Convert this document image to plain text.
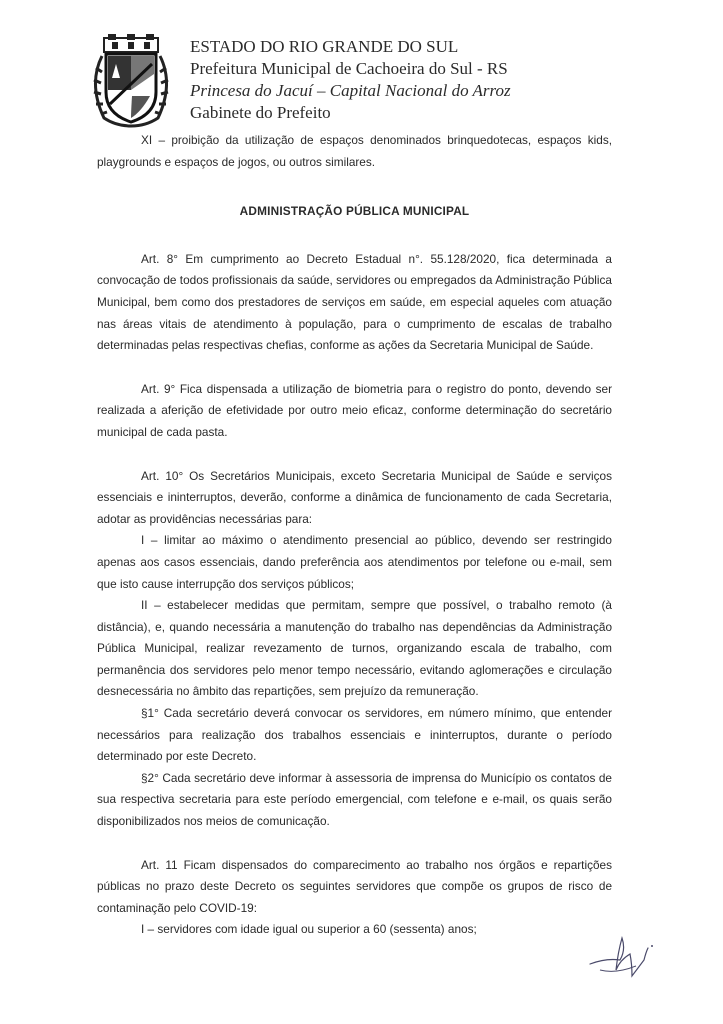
ESTADO DO RIO GRANDE DO SUL
Prefeitura Municipal de Cachoeira do Sul - RS
Princesa do Jacuí – Capital Nacional do Arroz
Gabinete do Prefeito

XI – proibição da utilização de espaços denominados brinquedotecas, espaços kids, playgrounds e espaços de jogos, ou outros similares.

ADMINISTRAÇÃO PÚBLICA MUNICIPAL

Art. 8° Em cumprimento ao Decreto Estadual n°. 55.128/2020, fica determinada a convocação de todos profissionais da saúde, servidores ou empregados da Administração Pública Municipal, bem como dos prestadores de serviços em saúde, em especial aqueles com atuação nas áreas vitais de atendimento à população, para o cumprimento de escalas de trabalho determinadas pelas respectivas chefias, conforme as ações da Secretaria Municipal de Saúde.

Art. 9° Fica dispensada a utilização de biometria para o registro do ponto, devendo ser realizada a aferição de efetividade por outro meio eficaz, conforme determinação do secretário municipal de cada pasta.

Art. 10° Os Secretários Municipais, exceto Secretaria Municipal de Saúde e serviços essenciais e ininterruptos, deverão, conforme a dinâmica de funcionamento de cada Secretaria, adotar as providências necessárias para:

I – limitar ao máximo o atendimento presencial ao público, devendo ser restringido apenas aos casos essenciais, dando preferência aos atendimentos por telefone ou e-mail, sem que isto cause interrupção dos serviços públicos;

II – estabelecer medidas que permitam, sempre que possível, o trabalho remoto (à distância), e, quando necessária a manutenção do trabalho nas dependências da Administração Pública Municipal, realizar revezamento de turnos, organizando escala de trabalho, com permanência dos servidores pelo menor tempo necessário, evitando aglomerações e circulação desnecessária no âmbito das repartições, sem prejuízo da remuneração.

§1° Cada secretário deverá convocar os servidores, em número mínimo, que entender necessários para realização dos trabalhos essenciais e ininterruptos, durante o período determinado por este Decreto.

§2° Cada secretário deve informar à assessoria de imprensa do Município os contatos de sua respectiva secretaria para este período emergencial, com telefone e e-mail, os quais serão disponibilizados nos meios de comunicação.

Art. 11 Ficam dispensados do comparecimento ao trabalho nos órgãos e repartições públicas no prazo deste Decreto os seguintes servidores que compõe os grupos de risco de contaminação pelo COVID-19:

I – servidores com idade igual ou superior a 60 (sessenta) anos;
